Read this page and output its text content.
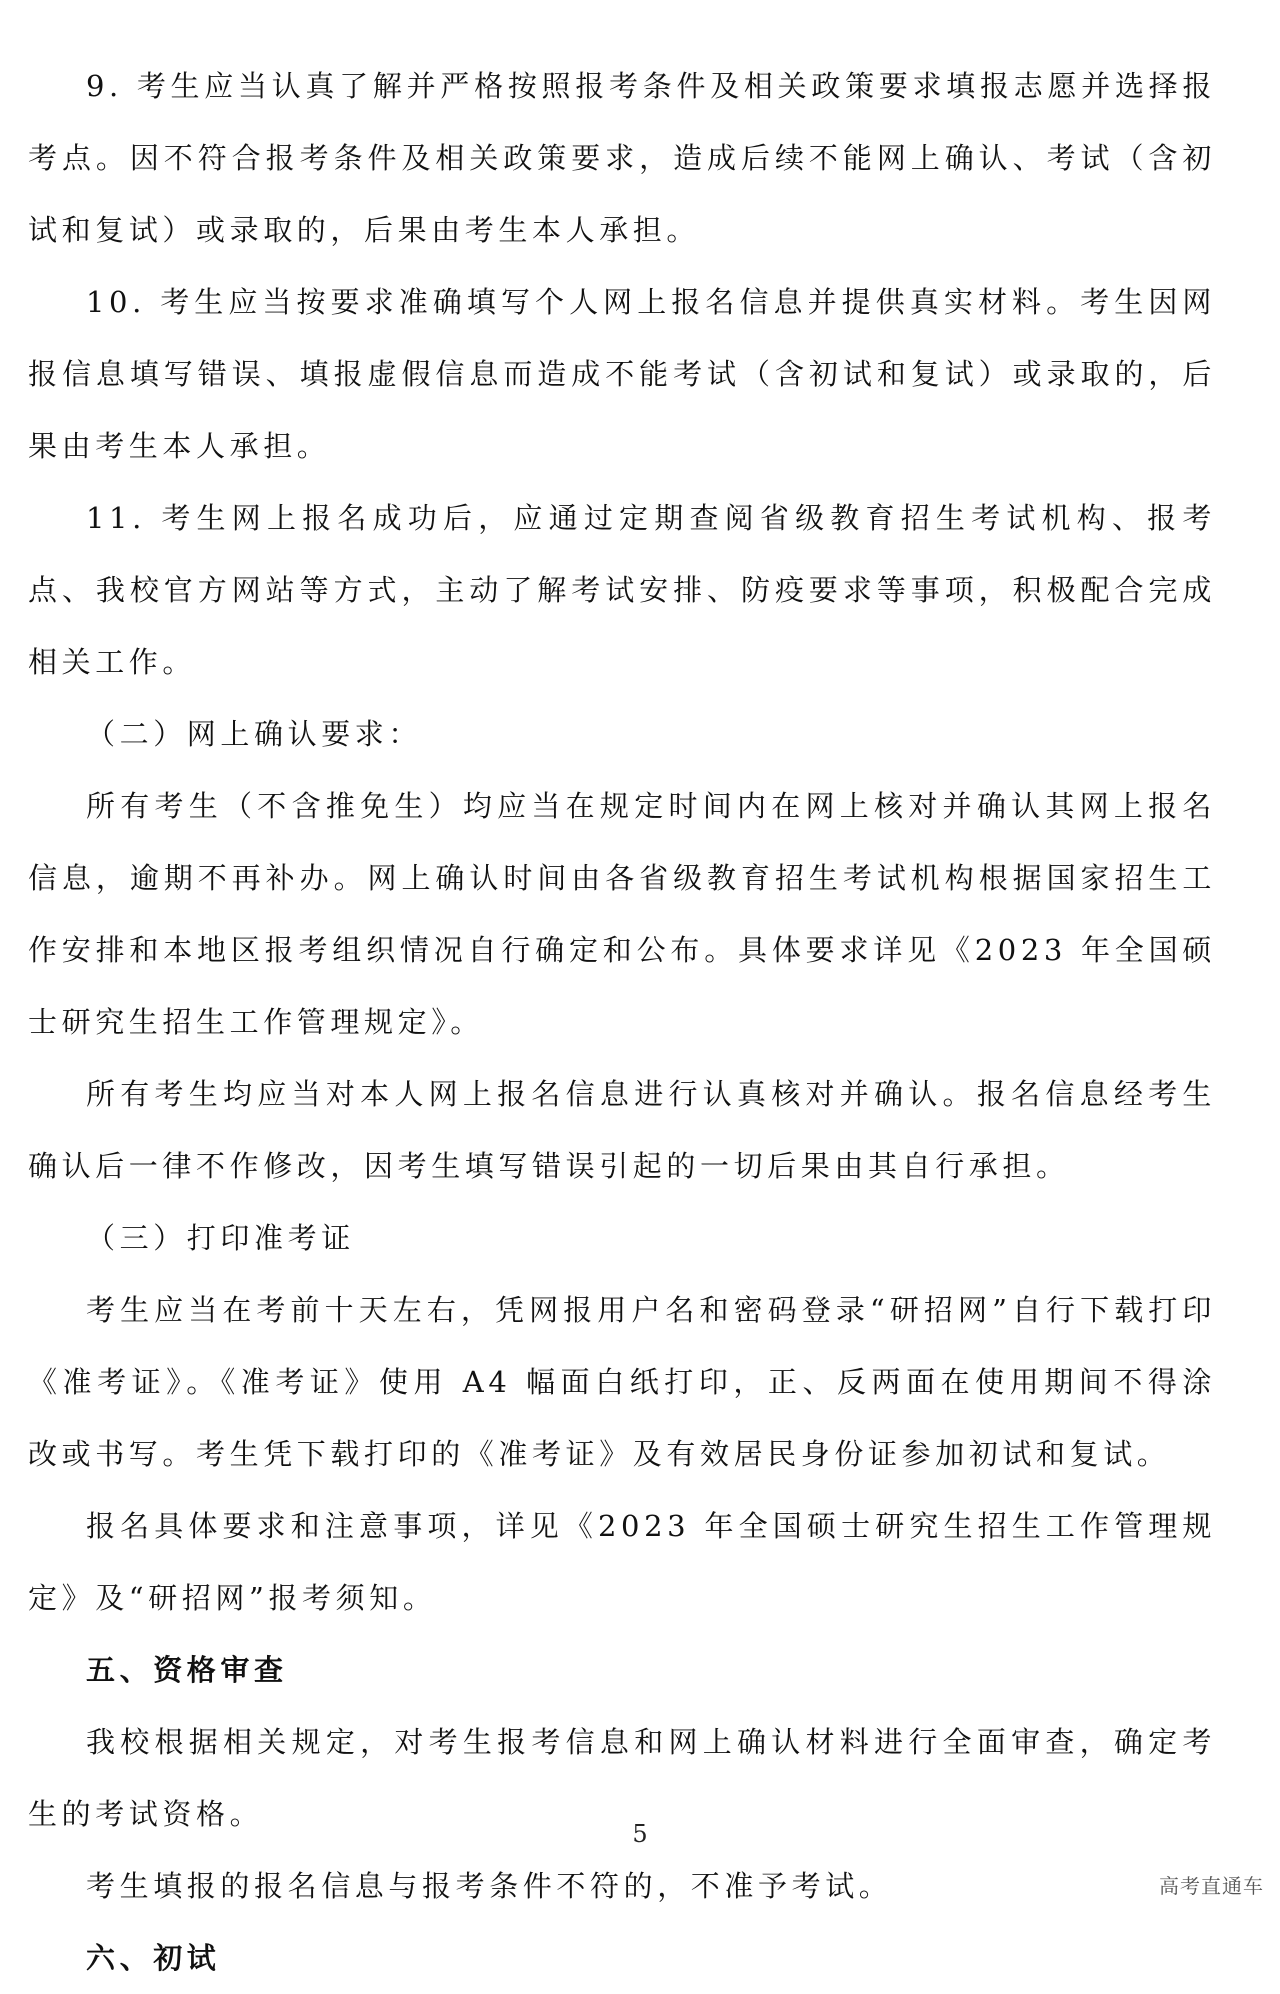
9. 考生应当认真了解并严格按照报考条件及相关政策要求填报志愿并选择报考点。因不符合报考条件及相关政策要求，造成后续不能网上确认、考试（含初试和复试）或录取的，后果由考生本人承担。

10. 考生应当按要求准确填写个人网上报名信息并提供真实材料。考生因网报信息填写错误、填报虚假信息而造成不能考试（含初试和复试）或录取的，后果由考生本人承担。

11. 考生网上报名成功后，应通过定期查阅省级教育招生考试机构、报考点、我校官方网站等方式，主动了解考试安排、防疫要求等事项，积极配合完成相关工作。

（二）网上确认要求：

所有考生（不含推免生）均应当在规定时间内在网上核对并确认其网上报名信息，逾期不再补办。网上确认时间由各省级教育招生考试机构根据国家招生工作安排和本地区报考组织情况自行确定和公布。具体要求详见《2023 年全国硕士研究生招生工作管理规定》。

所有考生均应当对本人网上报名信息进行认真核对并确认。报名信息经考生确认后一律不作修改，因考生填写错误引起的一切后果由其自行承担。

（三）打印准考证

考生应当在考前十天左右，凭网报用户名和密码登录“研招网”自行下载打印《准考证》。《准考证》使用 A4 幅面白纸打印，正、反两面在使用期间不得涂改或书写。考生凭下载打印的《准考证》及有效居民身份证参加初试和复试。

报名具体要求和注意事项，详见《2023 年全国硕士研究生招生工作管理规定》及“研招网”报考须知。

五、资格审查

我校根据相关规定，对考生报考信息和网上确认材料进行全面审查，确定考生的考试资格。

考生填报的报名信息与报考条件不符的，不准予考试。

六、初试

5
高考直通车
